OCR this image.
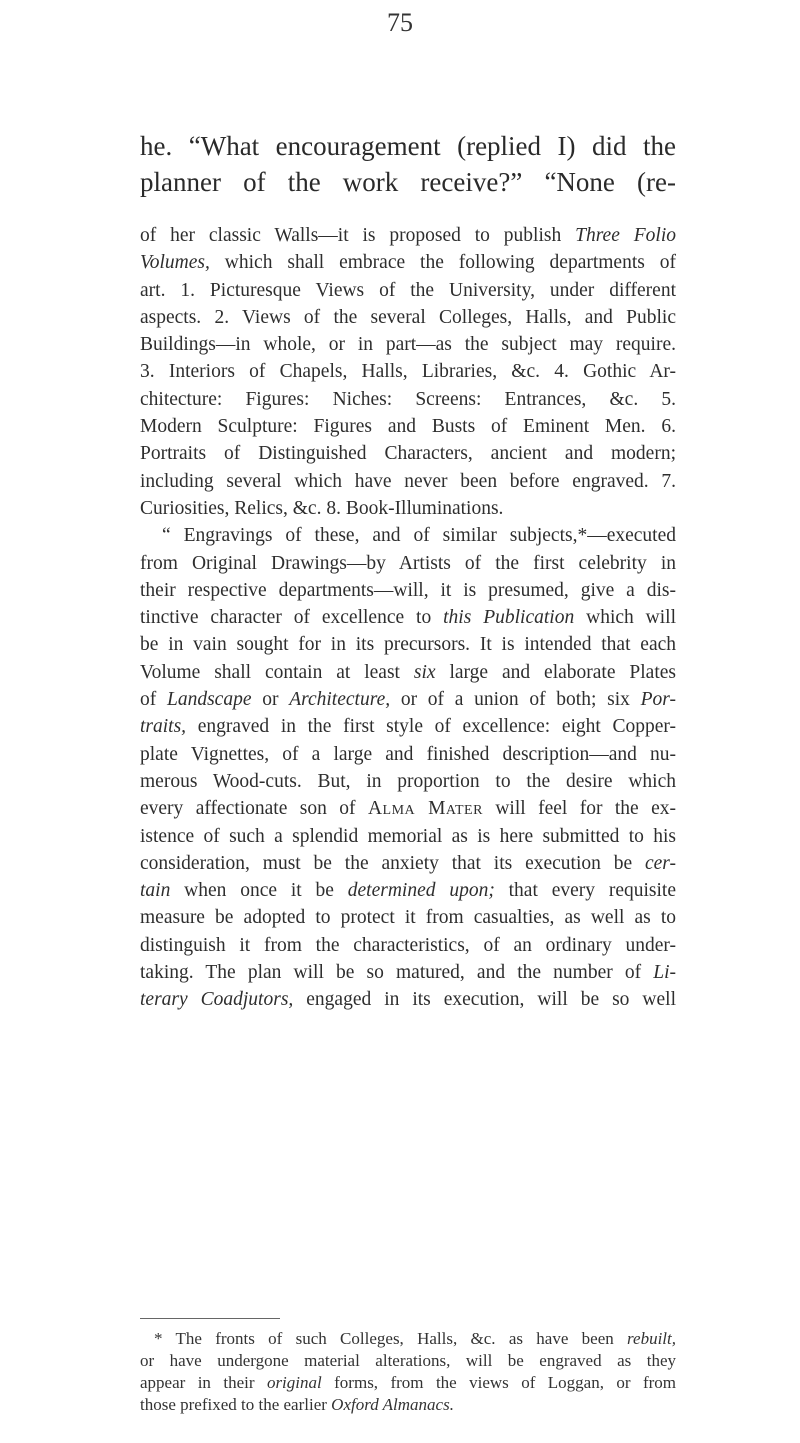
75
he. “What encouragement (replied I) did the
planner of the work receive?” “None (re-
of her classic Walls—it is proposed to publish Three Folio
Volumes, which shall embrace the following departments of
art. 1. Picturesque Views of the University, under different
aspects. 2. Views of the several Colleges, Halls, and Public
Buildings—in whole, or in part—as the subject may require.
3. Interiors of Chapels, Halls, Libraries, &c. 4. Gothic Ar-
chitecture: Figures: Niches: Screens: Entrances, &c. 5.
Modern Sculpture: Figures and Busts of Eminent Men. 6.
Portraits of Distinguished Characters, ancient and modern;
including several which have never been before engraved. 7.
Curiosities, Relics, &c. 8. Book-Illuminations.
“ Engravings of these, and of similar subjects,*—executed
from Original Drawings—by Artists of the first celebrity in
their respective departments—will, it is presumed, give a dis-
tinctive character of excellence to this Publication which will
be in vain sought for in its precursors. It is intended that each
Volume shall contain at least six large and elaborate Plates
of Landscape or Architecture, or of a union of both; six Por-
traits, engraved in the first style of excellence: eight Copper-
plate Vignettes, of a large and finished description—and nu-
merous Wood-cuts. But, in proportion to the desire which
every affectionate son of Alma Mater will feel for the ex-
istence of such a splendid memorial as is here submitted to his
consideration, must be the anxiety that its execution be cer-
tain when once it be determined upon; that every requisite
measure be adopted to protect it from casualties, as well as to
distinguish it from the characteristics, of an ordinary under-
taking. The plan will be so matured, and the number of Li-
terary Coadjutors, engaged in its execution, will be so well
* The fronts of such Colleges, Halls, &c. as have been rebuilt,
or have undergone material alterations, will be engraved as they
appear in their original forms, from the views of Loggan, or from
those prefixed to the earlier Oxford Almanacs.
